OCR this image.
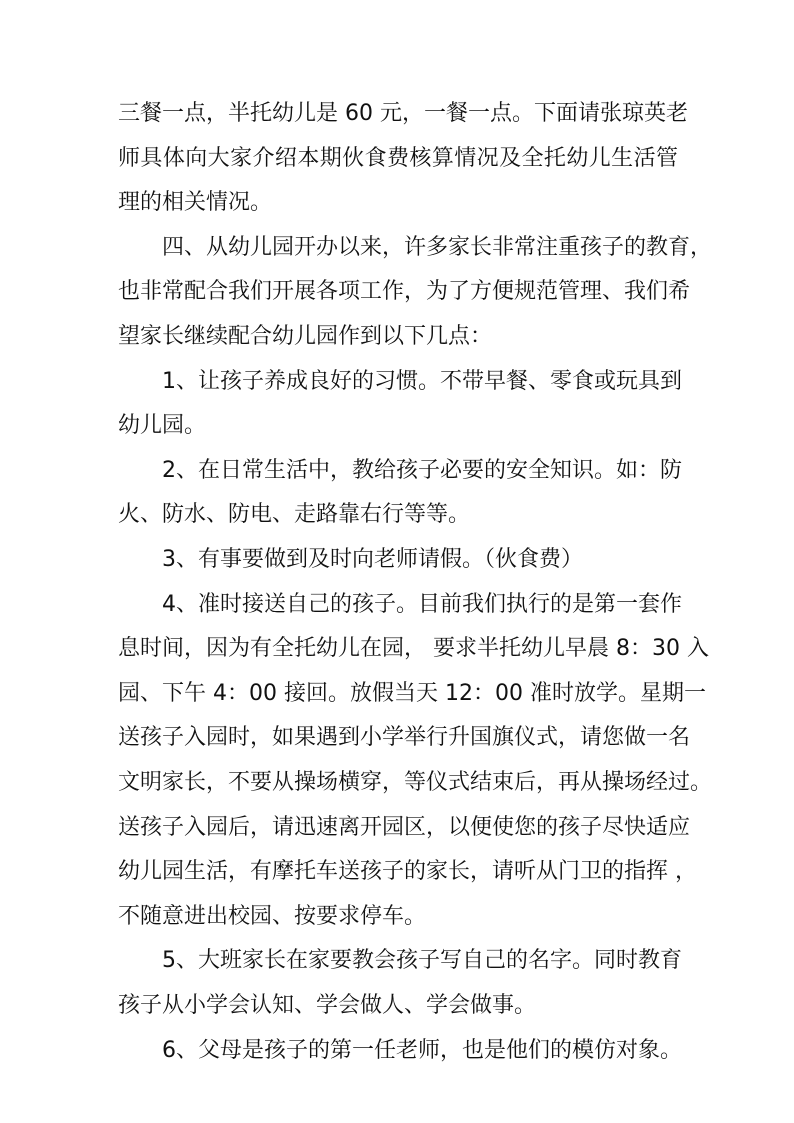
三餐一点，半托幼儿是 60 元，一餐一点。下面请张琼英老
师具体向大家介绍本期伙食费核算情况及全托幼儿生活管
理的相关情况。
四、从幼儿园开办以来，许多家长非常注重孩子的教育，
也非常配合我们开展各项工作，为了方便规范管理、我们希
望家长继续配合幼儿园作到以下几点：
1、让孩子养成良好的习惯。不带早餐、零食或玩具到
幼儿园。
2、在日常生活中，教给孩子必要的安全知识。如：防
火、防水、防电、走路靠右行等等。
3、有事要做到及时向老师请假。（伙食费）
4、准时接送自己的孩子。目前我们执行的是第一套作
息时间，因为有全托幼儿在园， 要求半托幼儿早晨 8：30 入
园、下午 4：00 接回。放假当天 12：00 准时放学。星期一
送孩子入园时，如果遇到小学举行升国旗仪式，请您做一名
文明家长，不要从操场横穿，等仪式结束后，再从操场经过。
送孩子入园后，请迅速离开园区，以便使您的孩子尽快适应
幼儿园生活，有摩托车送孩子的家长，请听从门卫的指挥 ，
不随意进出校园、按要求停车。
5、大班家长在家要教会孩子写自己的名字。同时教育
孩子从小学会认知、学会做人、学会做事。
6、父母是孩子的第一任老师，也是他们的模仿对象。
